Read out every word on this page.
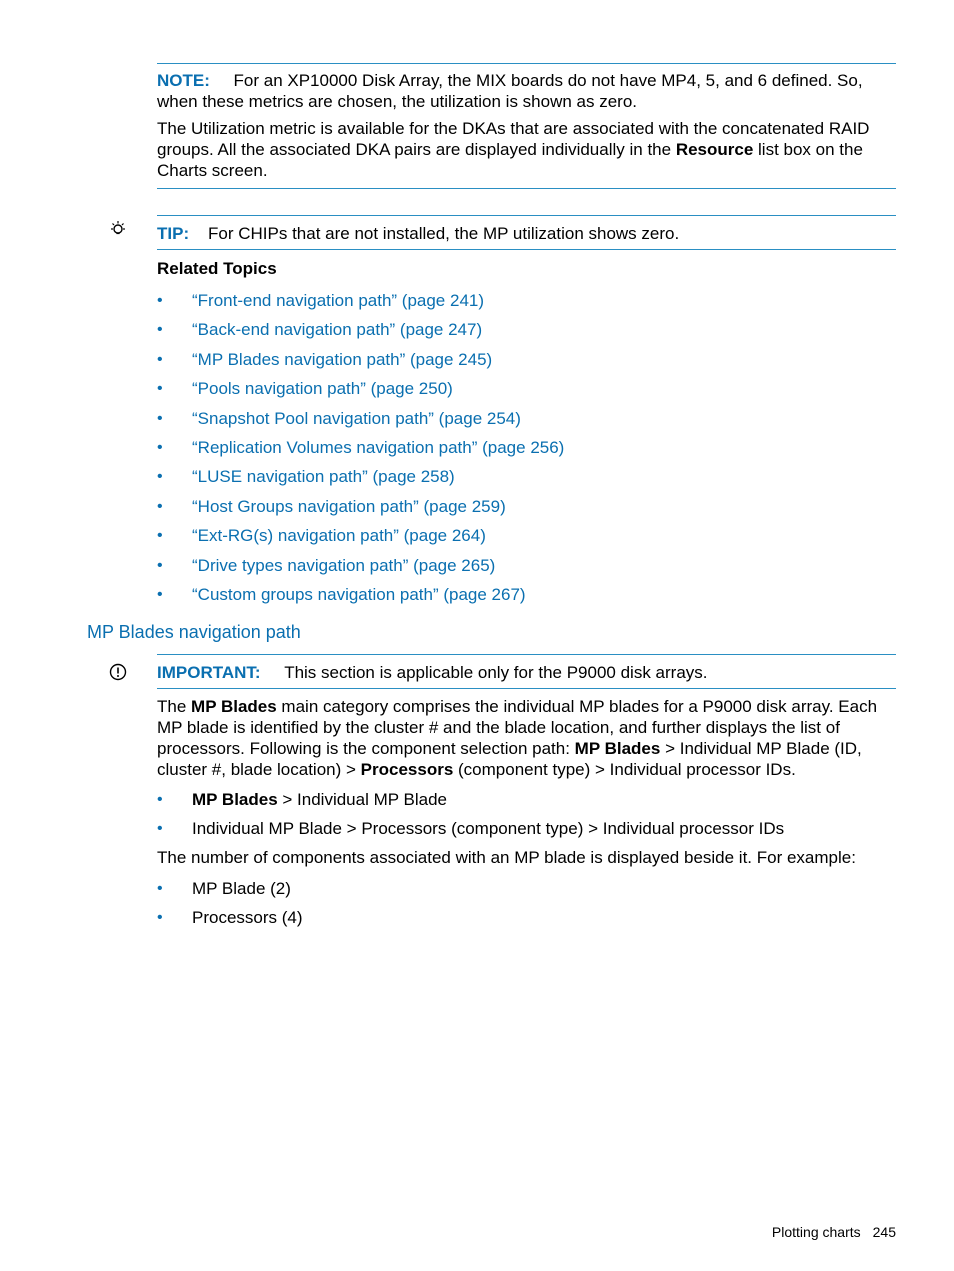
NOTE: For an XP10000 Disk Array, the MIX boards do not have MP4, 5, and 6 defined. So, when these metrics are chosen, the utilization is shown as zero.

The Utilization metric is available for the DKAs that are associated with the concatenated RAID groups. All the associated DKA pairs are displayed individually in the Resource list box on the Charts screen.

TIP: For CHIPs that are not installed, the MP utilization shows zero.

Related Topics
• “Front-end navigation path” (page 241)
• “Back-end navigation path” (page 247)
• “MP Blades navigation path” (page 245)
• “Pools navigation path” (page 250)
• “Snapshot Pool navigation path” (page 254)
• “Replication Volumes navigation path” (page 256)
• “LUSE navigation path” (page 258)
• “Host Groups navigation path” (page 259)
• “Ext-RG(s) navigation path” (page 264)
• “Drive types navigation path” (page 265)
• “Custom groups navigation path” (page 267)
MP Blades navigation path

IMPORTANT: This section is applicable only for the P9000 disk arrays.

The MP Blades main category comprises the individual MP blades for a P9000 disk array. Each MP blade is identified by the cluster # and the blade location, and further displays the list of processors. Following is the component selection path: MP Blades > Individual MP Blade (ID, cluster #, blade location) > Processors (component type) > Individual processor IDs.

• MP Blades > Individual MP Blade
• Individual MP Blade > Processors (component type) > Individual processor IDs

The number of components associated with an MP blade is displayed beside it. For example:

• MP Blade (2)
• Processors (4)
Plotting charts 245
